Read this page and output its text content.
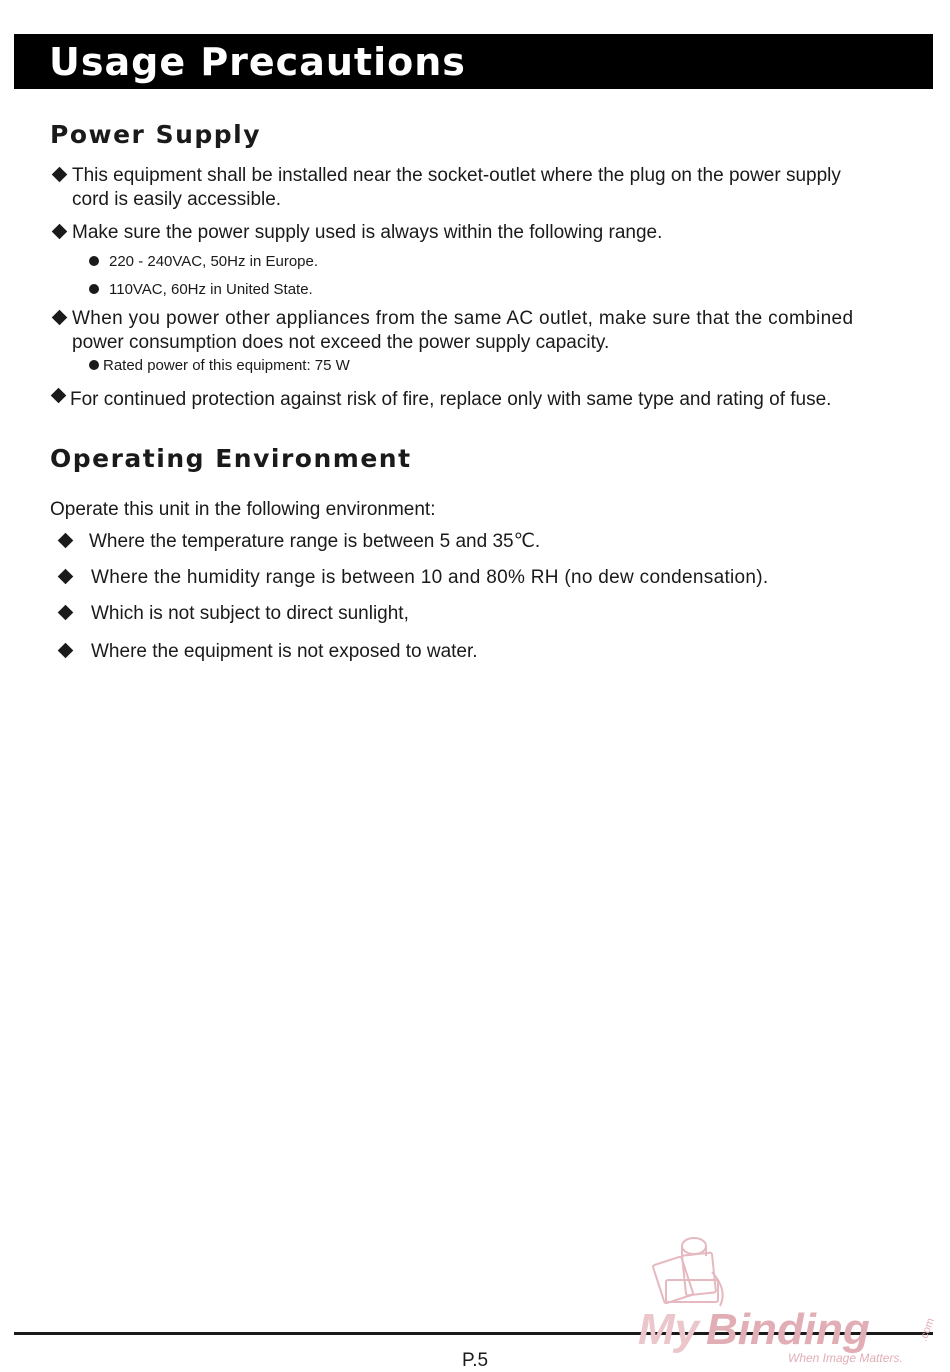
Usage Precautions
Power Supply
This equipment shall be installed near the socket-outlet where the plug on the power supply
cord is easily accessible.
Make sure the power supply used is always within the following range.
220 - 240VAC, 50Hz in Europe.
110VAC, 60Hz in United State.
When you power other appliances from the same AC outlet, make sure that the combined
power consumption does not exceed the power supply capacity.
Rated power of this equipment: 75 W
For continued protection against risk of fire, replace only with same type and rating of fuse.
Operating Environment
Operate this unit in the following environment:
Where the temperature range is between 5 and 35℃.
Where the humidity range is between 10 and 80% RH (no dew condensation).
Which is not subject to direct sunlight,
Where the equipment is not exposed to water.
P.5
My Binding	.com
When Image Matters.
